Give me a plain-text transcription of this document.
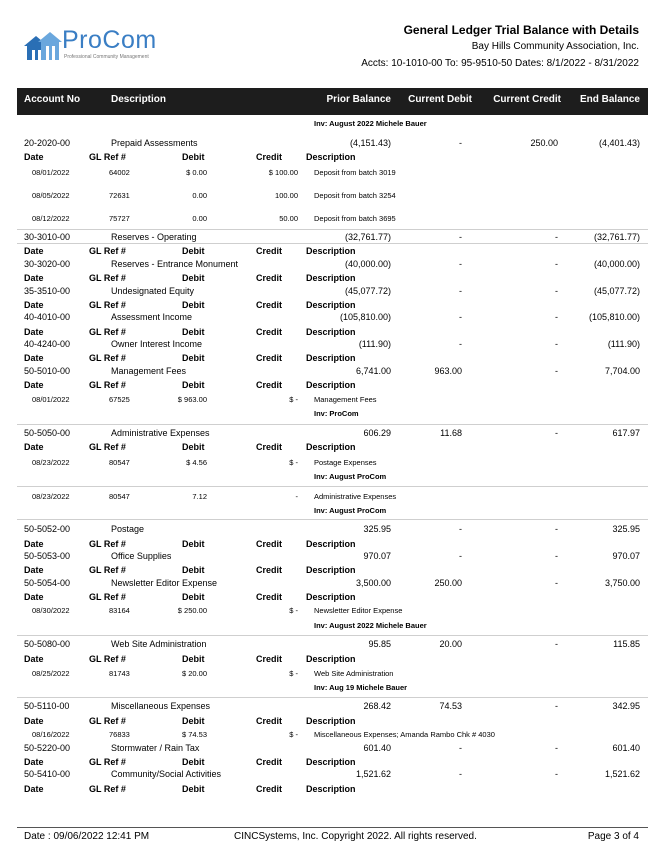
ProCom
Professional Community Management
General Ledger Trial Balance with Details
Bay Hills Community Association, Inc.
Accts: 10-1010-00 To: 95-9510-50 Dates: 8/1/2022 - 8/31/2022
Account No	Description	Prior Balance Current Debit Current Credit End Balance
Inv: August 2022 Michele Bauer
20-2020-00	Prepaid Assessments	(4,151.43)	-	250.00	(4,401.43)
Date	GL Ref #	Debit	Credit	Description
08/01/2022	64002	$ 0.00	$ 100.00 Deposit from batch 3019
08/05/2022	72631	0.00	100.00 Deposit from batch 3254
08/12/2022	75727	0.00	50.00 Deposit from batch 3695
30-3010-00	Reserves - Operating	(32,761.77)	-	-	(32,761.77)
Date	GL Ref #	Debit	Credit	Description
30-3020-00	Reserves - Entrance Monument	(40,000.00)	-	-	(40,000.00)
Date	GL Ref #	Debit	Credit	Description
35-3510-00	Undesignated Equity	(45,077.72)	-	-	(45,077.72)
Date	GL Ref #	Debit	Credit	Description
40-4010-00	Assessment Income	(105,810.00)	-	-	(105,810.00)
Date	GL Ref #	Debit	Credit	Description
40-4240-00	Owner Interest Income	(111.90)	-	-	(111.90)
Date	GL Ref #	Debit	Credit	Description
50-5010-00	Management Fees	6,741.00	963.00	-	7,704.00
Date	GL Ref #	Debit	Credit	Description
08/01/2022	67525	$ 963.00	$ - Management Fees
Inv: ProCom
50-5050-00	Administrative Expenses	606.29	11.68	-	617.97
Date	GL Ref #	Debit	Credit	Description
08/23/2022	80547	$ 4.56	$ - Postage Expenses
Inv: August ProCom
08/23/2022	80547	7.12	- Administrative Expenses
Inv: August ProCom
50-5052-00	Postage	325.95	-	-	325.95
Date	GL Ref #	Debit	Credit	Description
50-5053-00	Office Supplies	970.07	-	-	970.07
Date	GL Ref #	Debit	Credit	Description
50-5054-00	Newsletter Editor Expense	3,500.00	250.00	-	3,750.00
Date	GL Ref #	Debit	Credit	Description
08/30/2022	83164	$ 250.00	$ - Newsletter Editor Expense
Inv: August 2022 Michele Bauer
50-5080-00	Web Site Administration	95.85	20.00	-	115.85
Date	GL Ref #	Debit	Credit	Description
08/25/2022	81743	$ 20.00	$ - Web Site Administration
Inv: Aug 19 Michele Bauer
50-5110-00	Miscellaneous Expenses	268.42	74.53	-	342.95
Date	GL Ref #	Debit	Credit	Description
08/16/2022	76833	$ 74.53	$ - Miscellaneous Expenses; Amanda Rambo Chk # 4030
50-5220-00	Stormwater / Rain Tax	601.40	-	-	601.40
Date	GL Ref #	Debit	Credit	Description
50-5410-00	Community/Social Activities	1,521.62	-	-	1,521.62
Date	GL Ref #	Debit	Credit	Description
Date : 09/06/2022 12:41 PM	CINCSystems, Inc. Copyright 2022. All rights reserved.	Page 3 of 4
